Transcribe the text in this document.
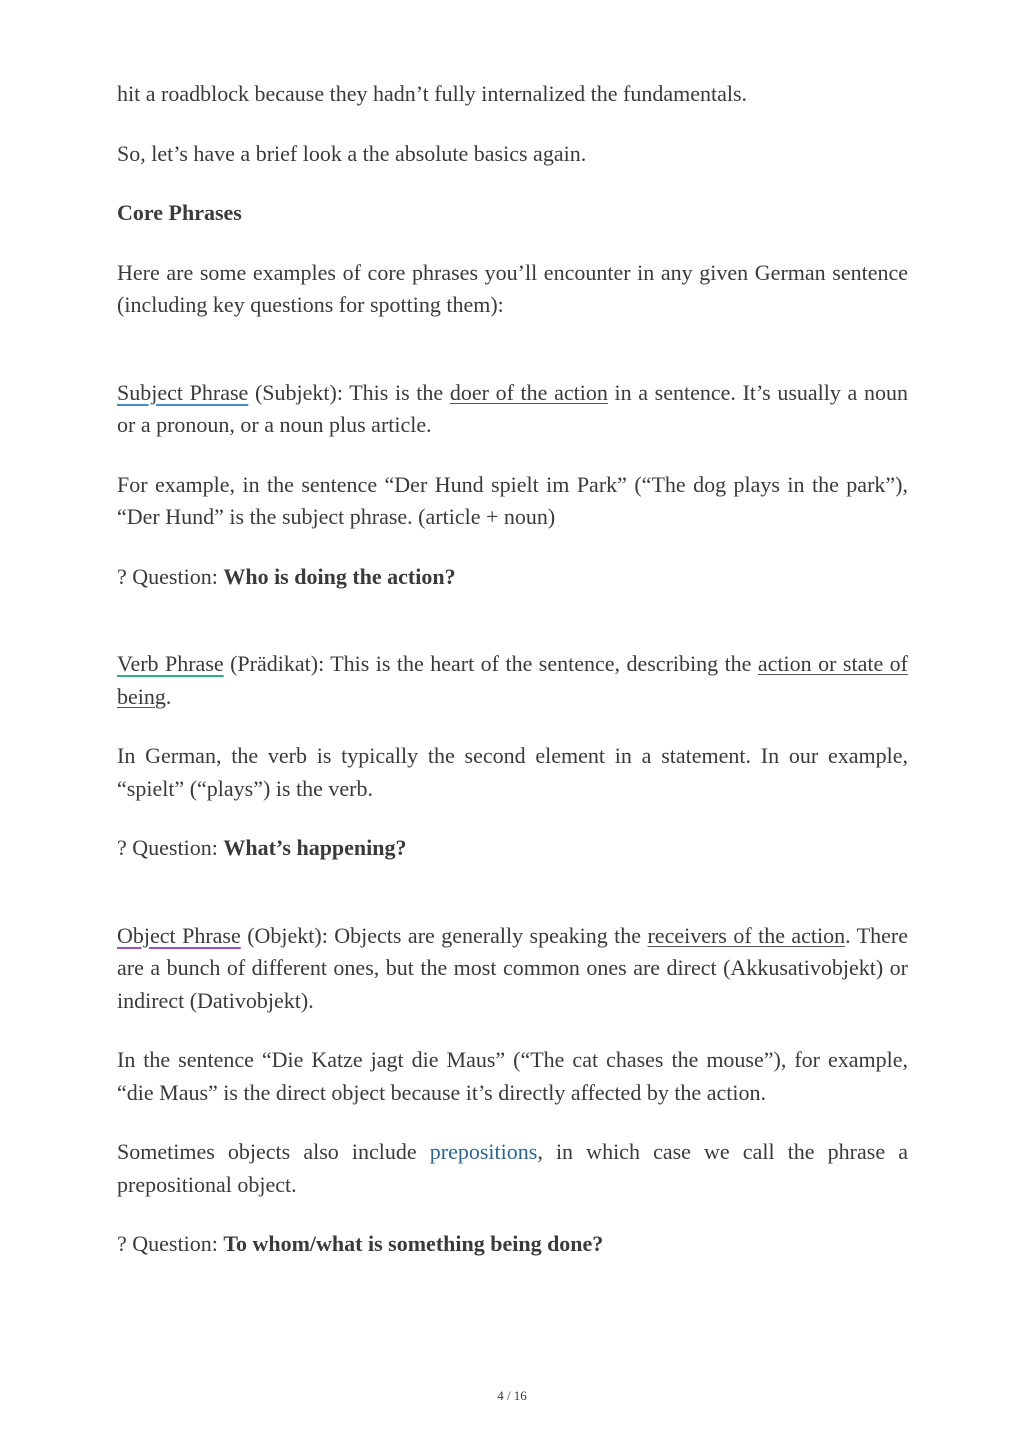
hit a roadblock because they hadn’t fully internalized the fundamentals.

So, let’s have a brief look a the absolute basics again.

Core Phrases

Here are some examples of core phrases you’ll encounter in any given German sentence (including key questions for spotting them):

Subject Phrase (Subjekt): This is the doer of the action in a sentence. It’s usually a noun or a pronoun, or a noun plus article.

For example, in the sentence “Der Hund spielt im Park” (“The dog plays in the park”), “Der Hund” is the subject phrase. (article + noun)

? Question: Who is doing the action?

Verb Phrase (Prädikat): This is the heart of the sentence, describing the action or state of being.

In German, the verb is typically the second element in a statement. In our example, “spielt” (“plays”) is the verb.

? Question: What’s happening?

Object Phrase (Objekt): Objects are generally speaking the receivers of the action. There are a bunch of different ones, but the most common ones are direct (Akkusativobjekt) or indirect (Dativobjekt).

In the sentence “Die Katze jagt die Maus” (“The cat chases the mouse”), for example, “die Maus” is the direct object because it’s directly affected by the action.

Sometimes objects also include prepositions, in which case we call the phrase a prepositional object.

? Question: To whom/what is something being done?

4 / 16
